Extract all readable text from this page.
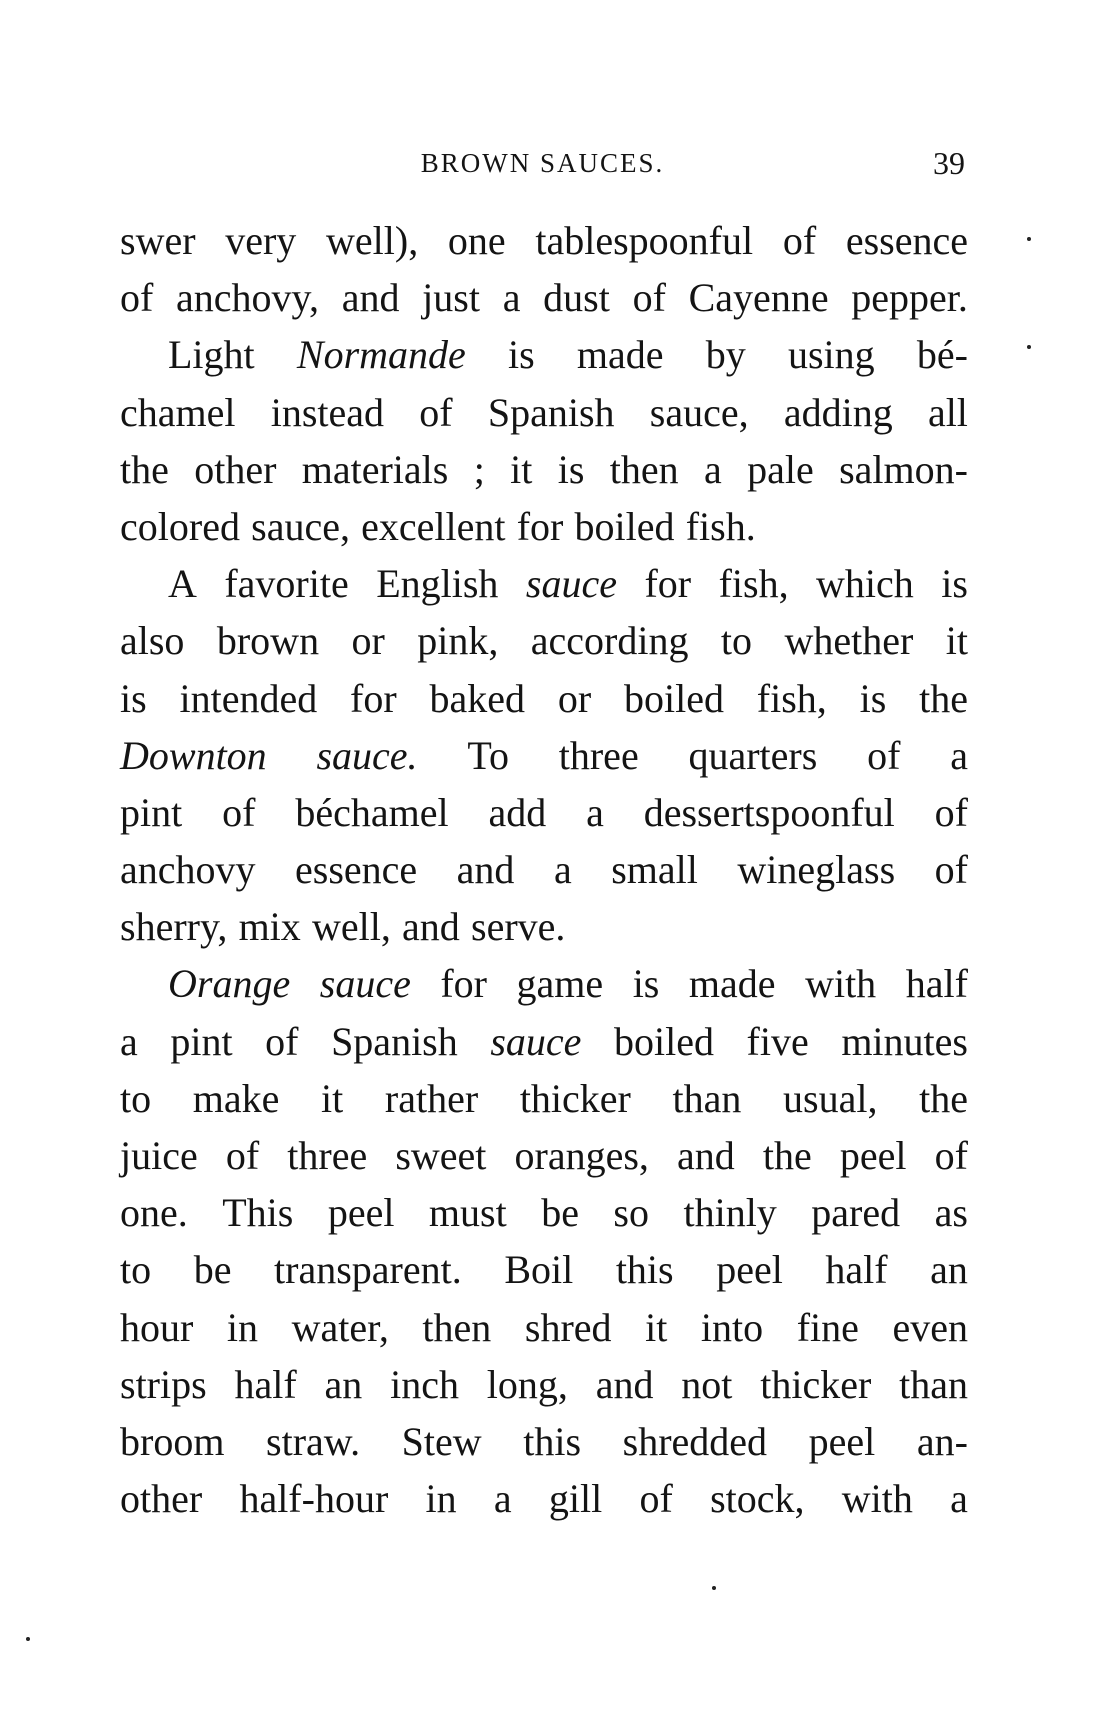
BROWN SAUCES.	39
swer very well), one tablespoonful of essence
of anchovy, and just a dust of Cayenne pepper.
Light Normande is made by using bé-
chamel instead of Spanish sauce, adding all
the other materials ; it is then a pale salmon-
colored sauce, excellent for boiled fish.
A favorite English sauce for fish, which is
also brown or pink, according to whether it
is intended for baked or boiled fish, is the
Downton sauce. To three quarters of a
pint of béchamel add a dessertspoonful of
anchovy essence and a small wineglass of
sherry, mix well, and serve.
Orange sauce for game is made with half
a pint of Spanish sauce boiled five minutes
to make it rather thicker than usual, the
juice of three sweet oranges, and the peel of
one. This peel must be so thinly pared as
to be transparent. Boil this peel half an
hour in water, then shred it into fine even
strips half an inch long, and not thicker than
broom straw. Stew this shredded peel an-
other half-hour in a gill of stock, with a
